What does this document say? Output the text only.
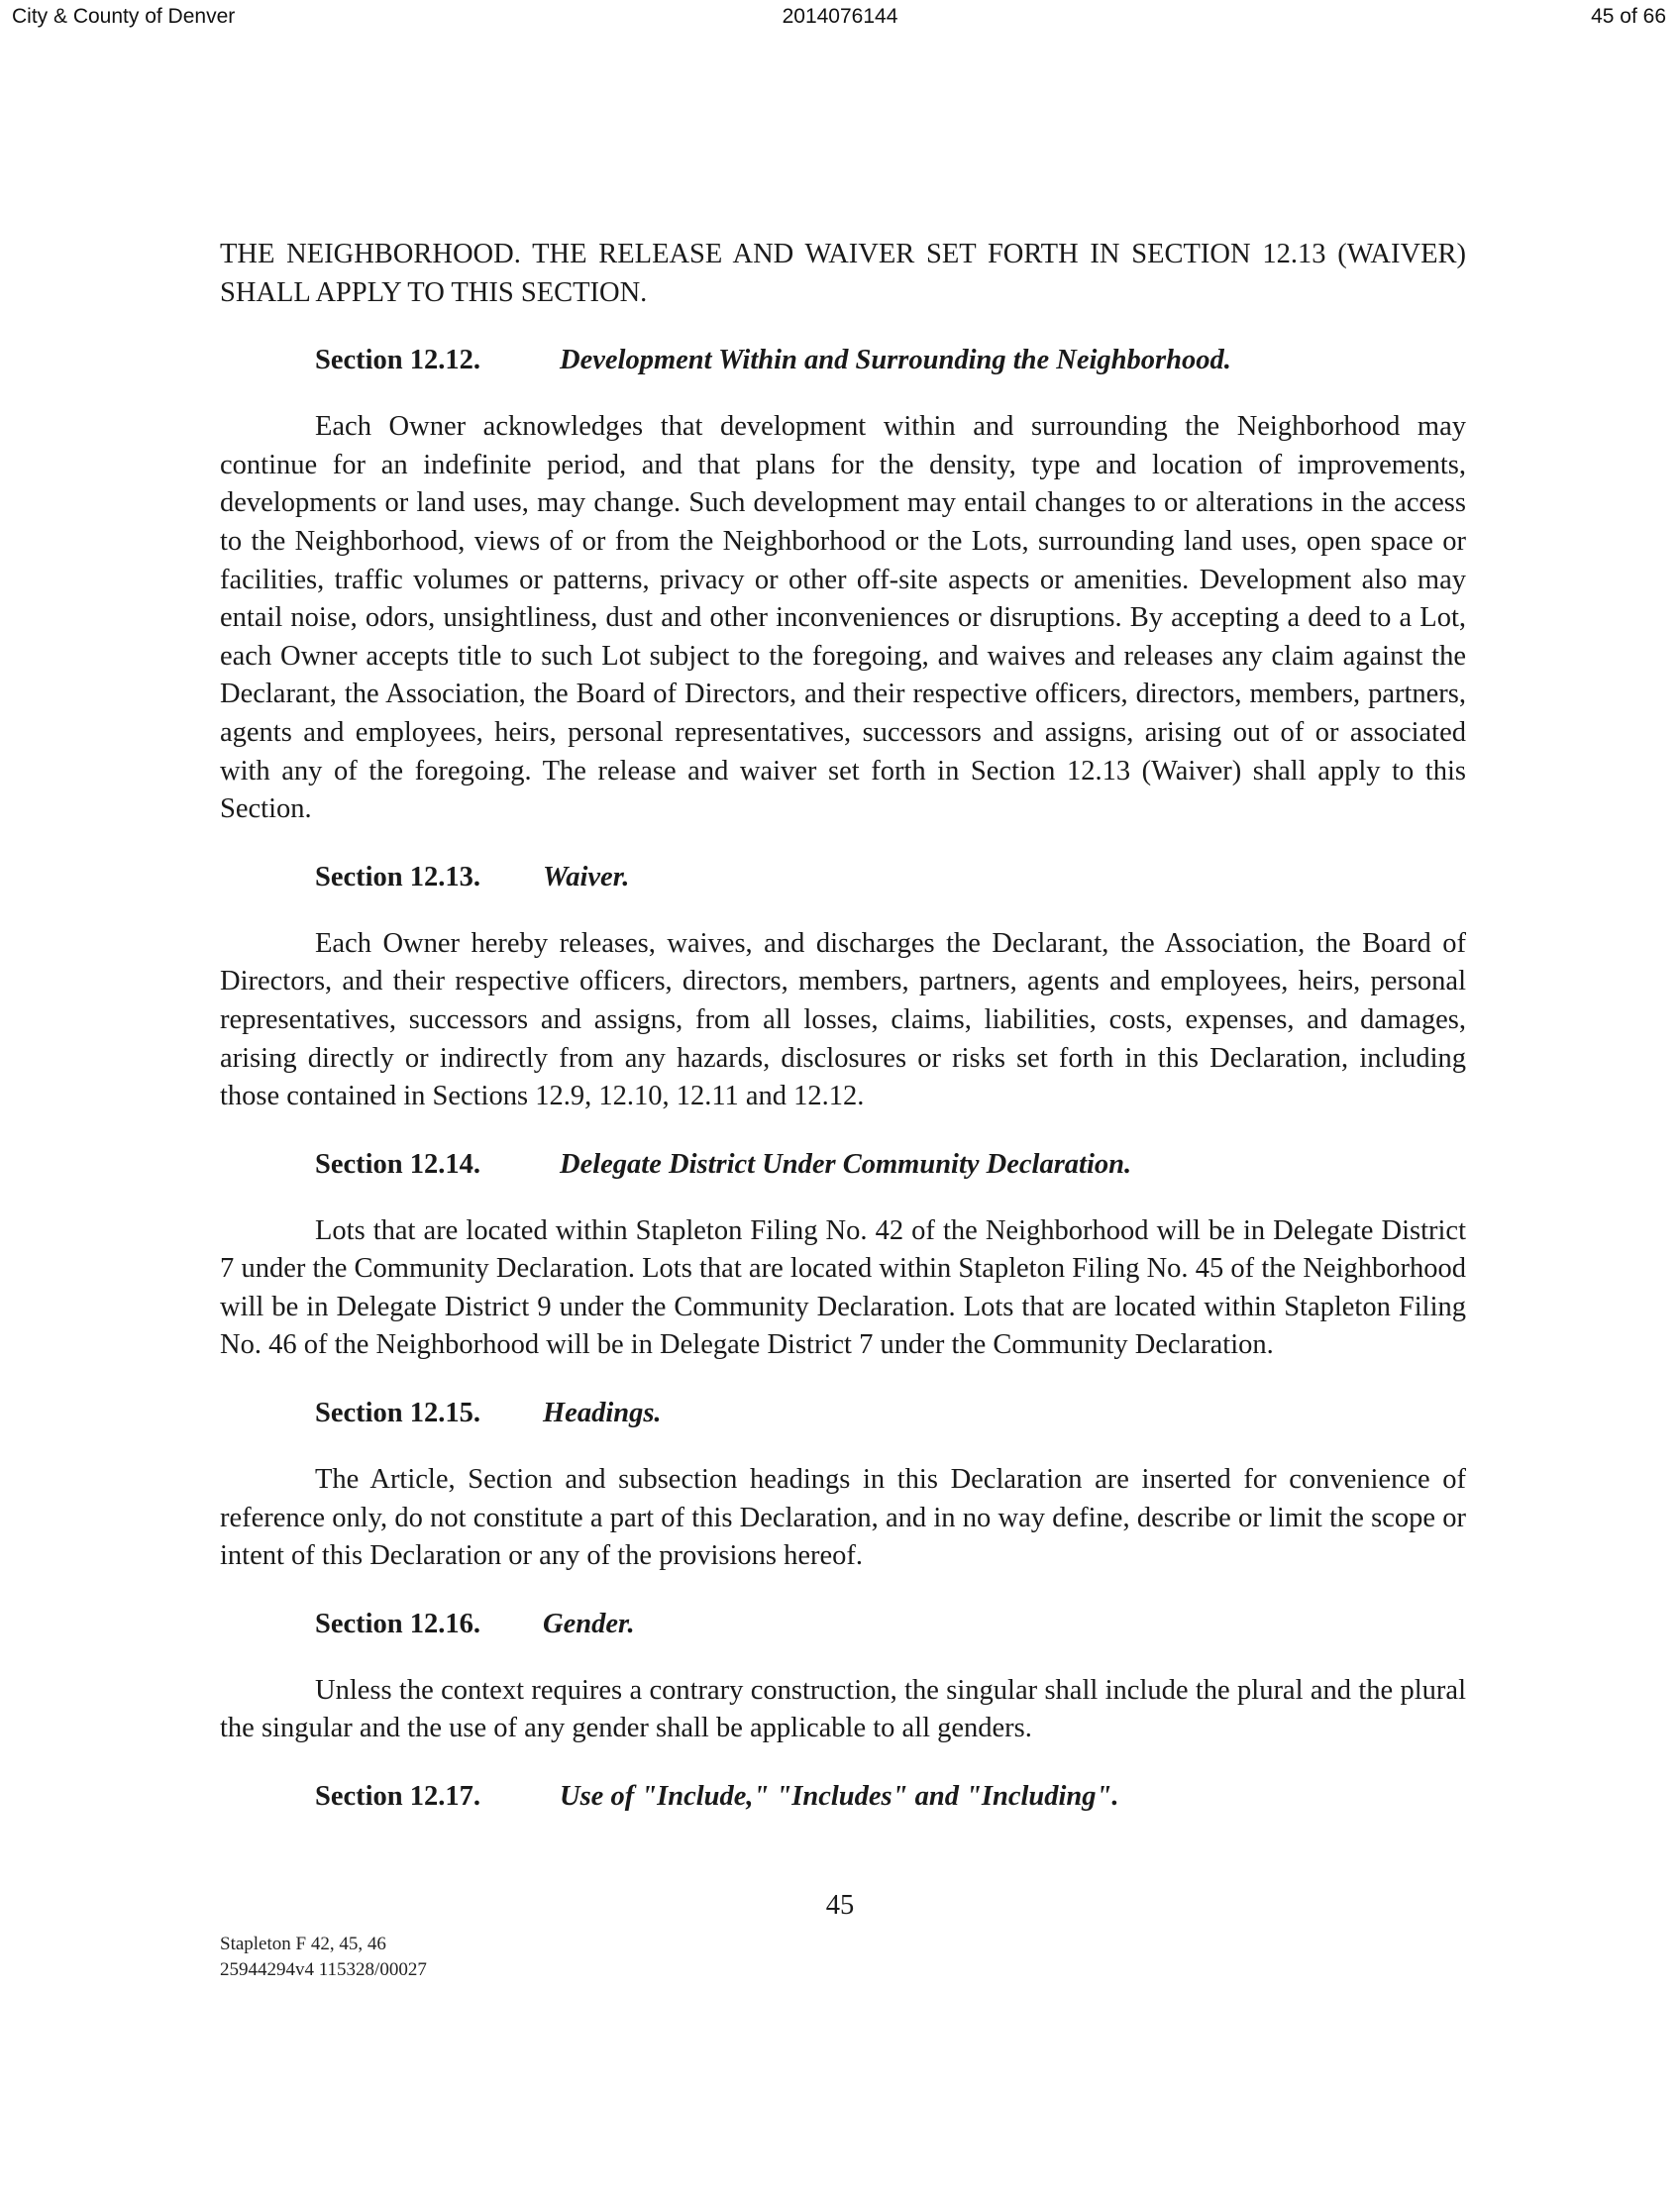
City & County of Denver	2014076144	45 of 66

THE NEIGHBORHOOD. THE RELEASE AND WAIVER SET FORTH IN SECTION 12.13 (WAIVER) SHALL APPLY TO THIS SECTION.

Section 12.12.	Development Within and Surrounding the Neighborhood.

Each Owner acknowledges that development within and surrounding the Neighborhood may continue for an indefinite period, and that plans for the density, type and location of improvements, developments or land uses, may change. Such development may entail changes to or alterations in the access to the Neighborhood, views of or from the Neighborhood or the Lots, surrounding land uses, open space or facilities, traffic volumes or patterns, privacy or other off-site aspects or amenities. Development also may entail noise, odors, unsightliness, dust and other inconveniences or disruptions. By accepting a deed to a Lot, each Owner accepts title to such Lot subject to the foregoing, and waives and releases any claim against the Declarant, the Association, the Board of Directors, and their respective officers, directors, members, partners, agents and employees, heirs, personal representatives, successors and assigns, arising out of or associated with any of the foregoing. The release and waiver set forth in Section 12.13 (Waiver) shall apply to this Section.

Section 12.13. Waiver.

Each Owner hereby releases, waives, and discharges the Declarant, the Association, the Board of Directors, and their respective officers, directors, members, partners, agents and employees, heirs, personal representatives, successors and assigns, from all losses, claims, liabilities, costs, expenses, and damages, arising directly or indirectly from any hazards, disclosures or risks set forth in this Declaration, including those contained in Sections 12.9, 12.10, 12.11 and 12.12.

Section 12.14.	Delegate District Under Community Declaration.

Lots that are located within Stapleton Filing No. 42 of the Neighborhood will be in Delegate District 7 under the Community Declaration. Lots that are located within Stapleton Filing No. 45 of the Neighborhood will be in Delegate District 9 under the Community Declaration. Lots that are located within Stapleton Filing No. 46 of the Neighborhood will be in Delegate District 7 under the Community Declaration.

Section 12.15. Headings.

The Article, Section and subsection headings in this Declaration are inserted for convenience of reference only, do not constitute a part of this Declaration, and in no way define, describe or limit the scope or intent of this Declaration or any of the provisions hereof.

Section 12.16. Gender.

Unless the context requires a contrary construction, the singular shall include the plural and the plural the singular and the use of any gender shall be applicable to all genders.

Section 12.17.	Use of "Include," "Includes" and "Including".
45
Stapleton F 42, 45, 46
25944294v4 115328/00027
